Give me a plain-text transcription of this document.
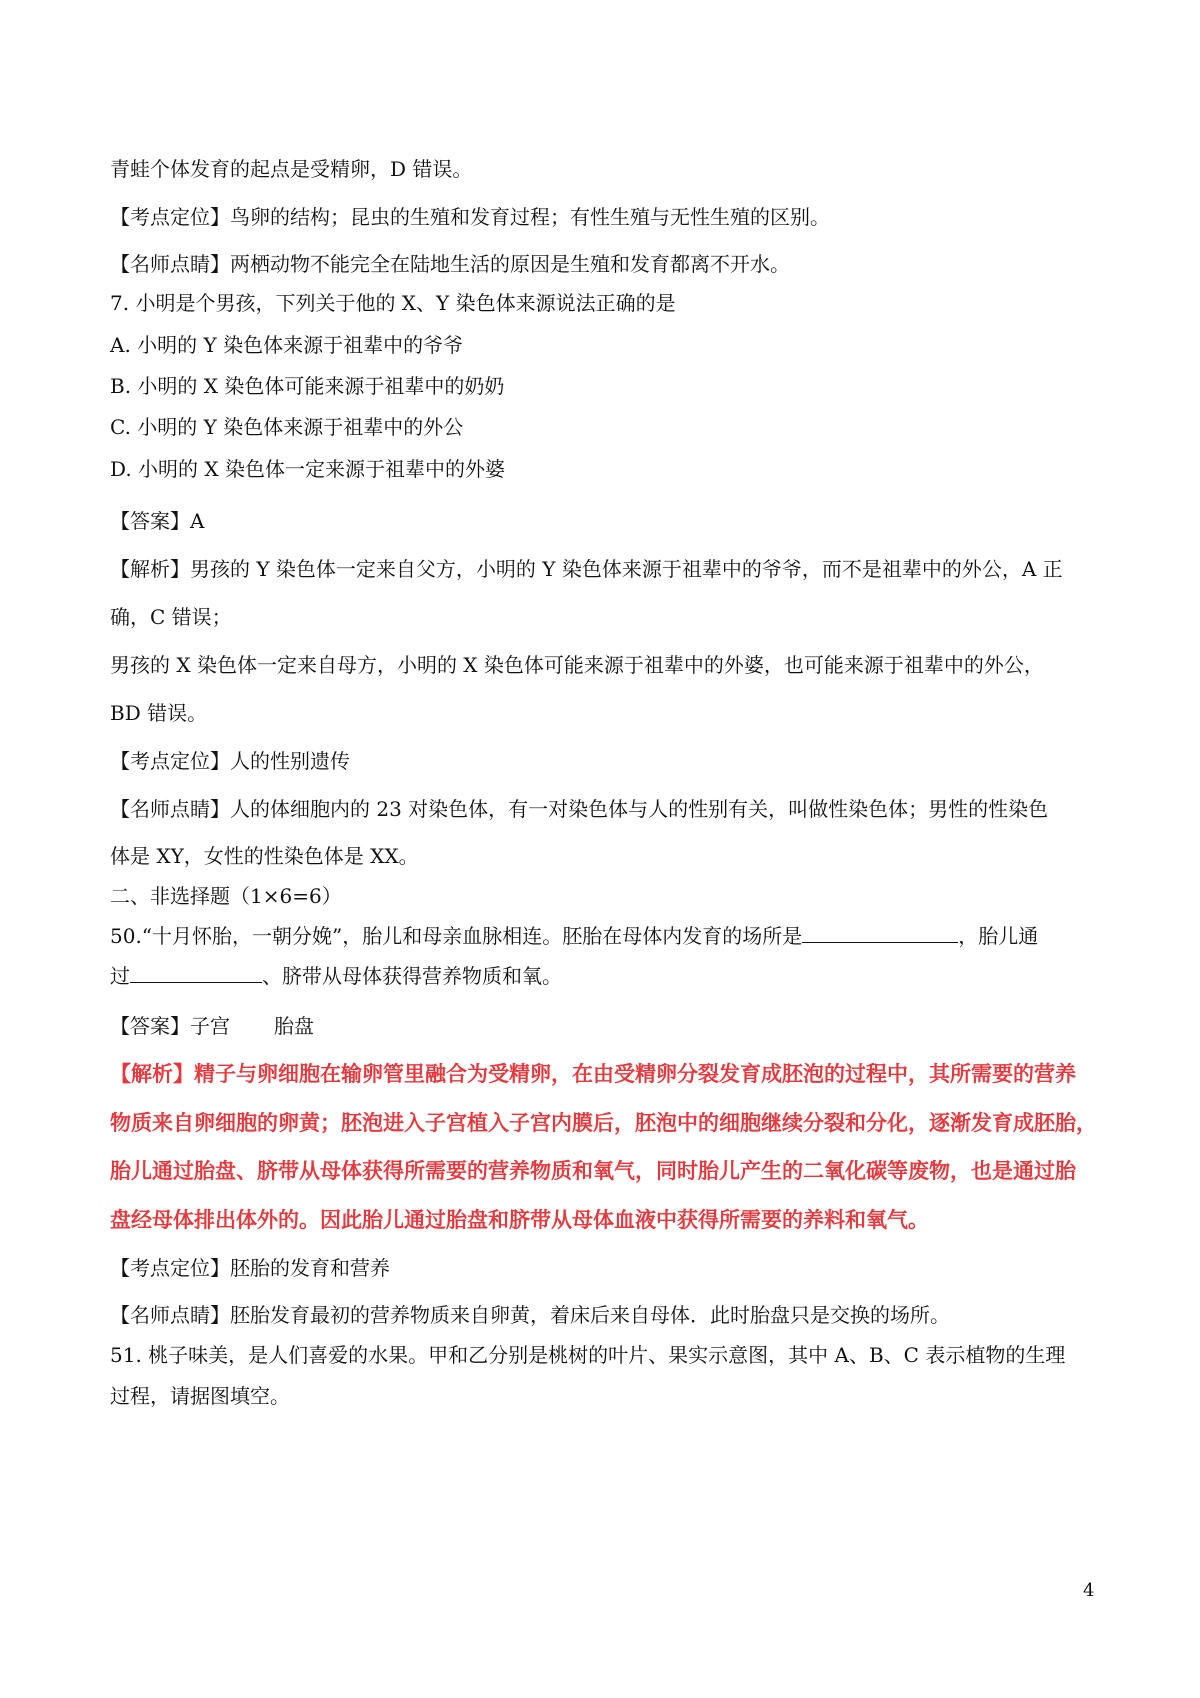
青蛙个体发育的起点是受精卵，D 错误。
【考点定位】鸟卵的结构；昆虫的生殖和发育过程；有性生殖与无性生殖的区别。
【名师点睛】两栖动物不能完全在陆地生活的原因是生殖和发育都离不开水。
7. 小明是个男孩，下列关于他的 X、Y 染色体来源说法正确的是
A. 小明的 Y 染色体来源于祖辈中的爷爷
B. 小明的 X 染色体可能来源于祖辈中的奶奶
C. 小明的 Y 染色体来源于祖辈中的外公
D. 小明的 X 染色体一定来源于祖辈中的外婆
【答案】A
【解析】男孩的 Y 染色体一定来自父方，小明的 Y 染色体来源于祖辈中的爷爷，而不是祖辈中的外公，A 正
确，C 错误；
男孩的 X 染色体一定来自母方，小明的 X 染色体可能来源于祖辈中的外婆，也可能来源于祖辈中的外公，
BD 错误。
【考点定位】人的性别遗传
【名师点睛】人的体细胞内的 23 对染色体，有一对染色体与人的性别有关，叫做性染色体；男性的性染色
体是 XY，女性的性染色体是 XX。
二、非选择题（1×6=6）
50.“十月怀胎，一朝分娩”，胎儿和母亲血脉相连。胚胎在母体内发育的场所是	，胎儿通
过	、脐带从母体获得营养物质和氧。
【答案】子宫 胎盘
【解析】精子与卵细胞在输卵管里融合为受精卵，在由受精卵分裂发育成胚泡的过程中，其所需要的营养
物质来自卵细胞的卵黄；胚泡进入子宫植入子宫内膜后，胚泡中的细胞继续分裂和分化，逐渐发育成胚胎，
胎儿通过胎盘、脐带从母体获得所需要的营养物质和氧气，同时胎儿产生的二氧化碳等废物，也是通过胎
盘经母体排出体外的。因此胎儿通过胎盘和脐带从母体血液中获得所需要的养料和氧气。
【考点定位】胚胎的发育和营养
【名师点睛】胚胎发育最初的营养物质来自卵黄，着床后来自母体．此时胎盘只是交换的场所。
51. 桃子味美，是人们喜爱的水果。甲和乙分别是桃树的叶片、果实示意图，其中 A、B、C 表示植物的生理
过程，请据图填空。
4
